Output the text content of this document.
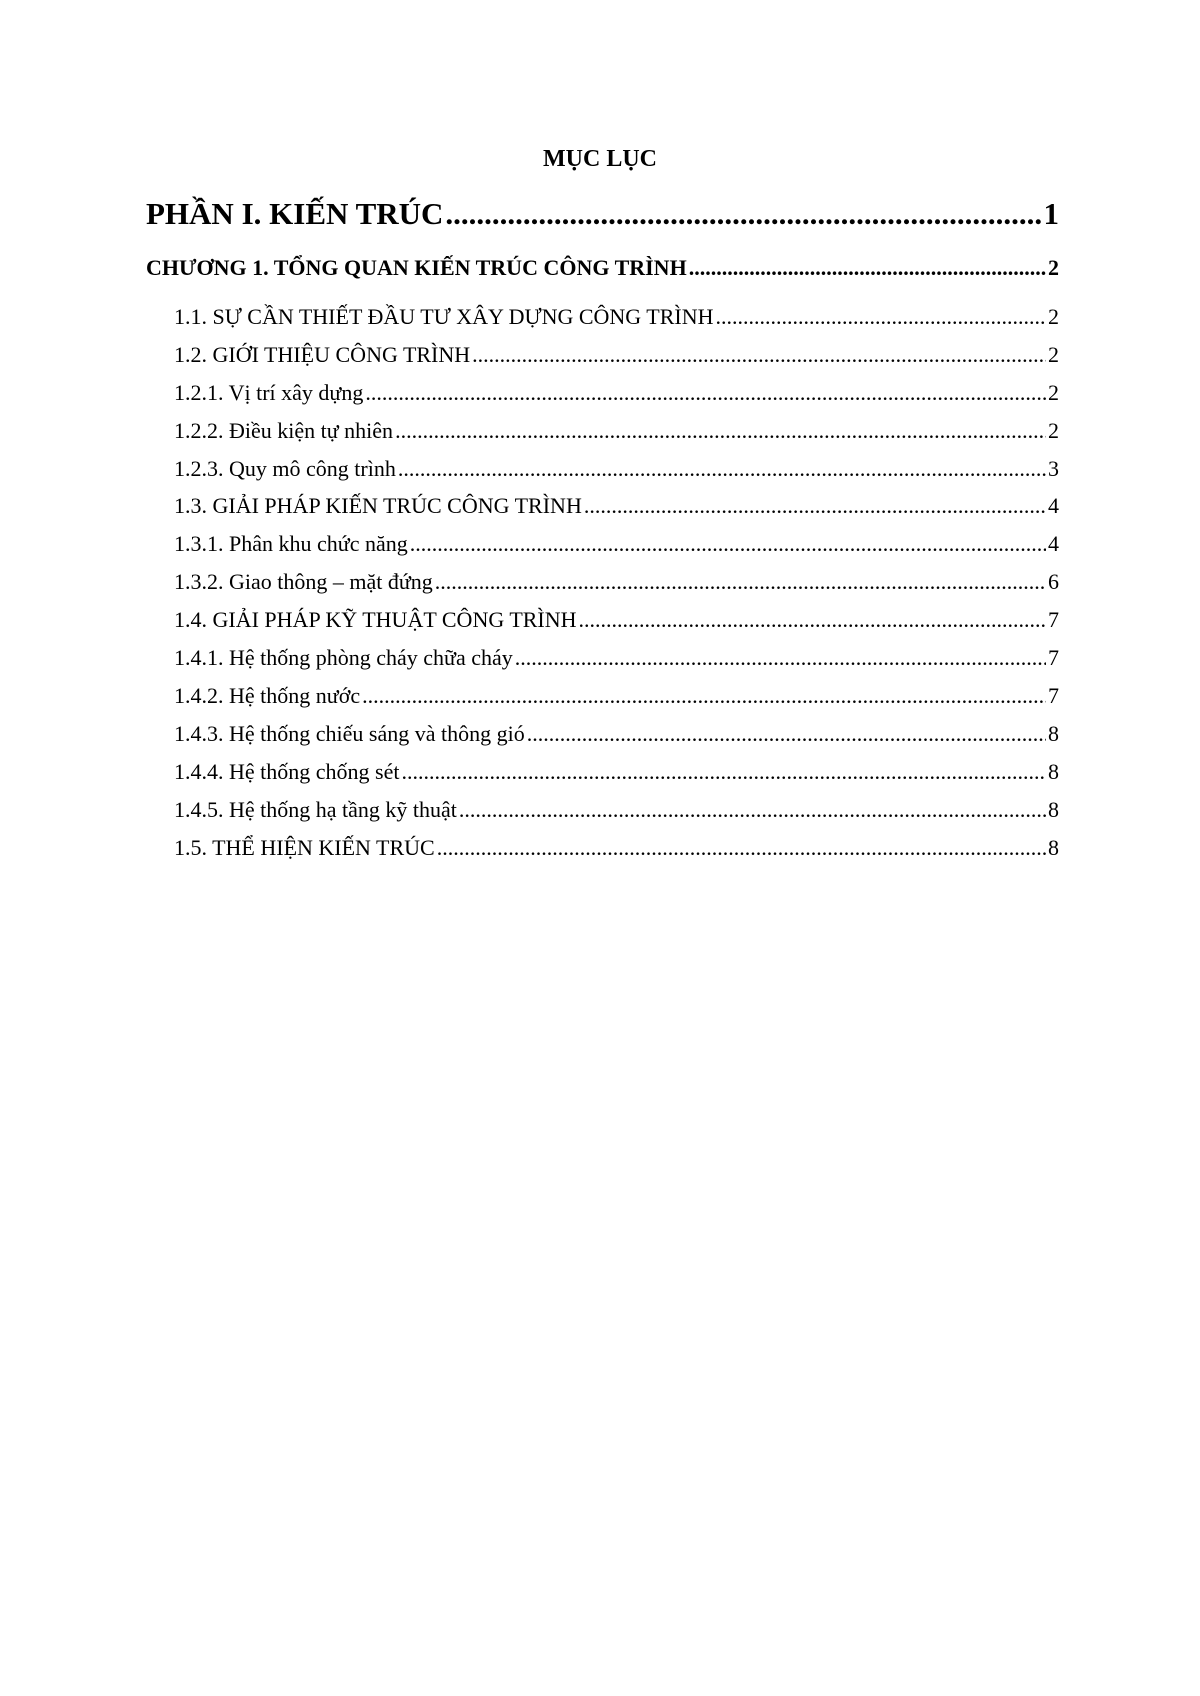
MỤC LỤC
PHẦN I. KIẾN TRÚC .....	1
CHƯƠNG 1. TỔNG QUAN KIẾN TRÚC CÔNG TRÌNH .....	2
1.1. SỰ CẦN THIẾT ĐẦU TƯ XÂY DỰNG CÔNG TRÌNH .....	2
1.2. GIỚI THIỆU CÔNG TRÌNH .....	2
1.2.1. Vị trí xây dựng .....	2
1.2.2. Điều kiện tự nhiên .....	2
1.2.3. Quy mô công trình .....	3
1.3. GIẢI PHÁP KIẾN TRÚC CÔNG TRÌNH .....	4
1.3.1. Phân khu chức năng .....	4
1.3.2. Giao thông – mặt đứng .....	6
1.4. GIẢI PHÁP KỸ THUẬT CÔNG TRÌNH .....	7
1.4.1. Hệ thống phòng cháy chữa cháy .....	7
1.4.2. Hệ thống nước .....	7
1.4.3. Hệ thống chiếu sáng và thông gió .....	8
1.4.4. Hệ thống chống sét .....	8
1.4.5. Hệ thống hạ tầng kỹ thuật .....	8
1.5. THỂ HIỆN KIẾN TRÚC .....	8
